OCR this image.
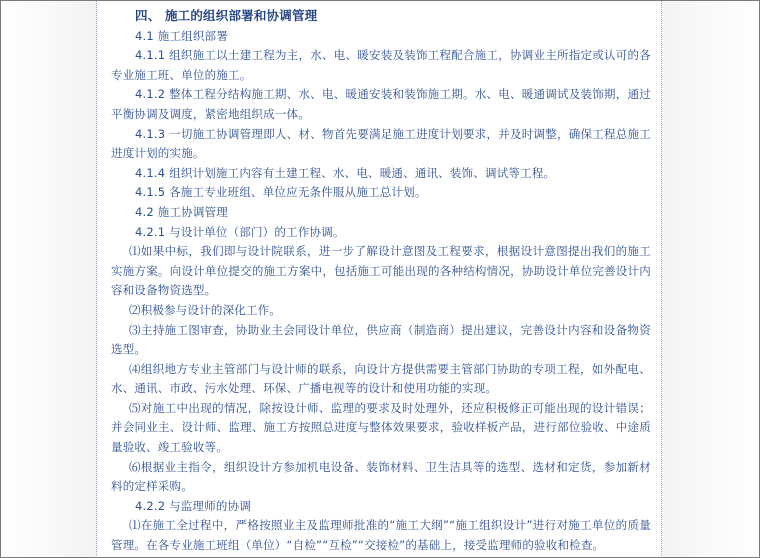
四、 施工的组织部署和协调管理

4.1 施工组织部署

4.1.1 组织施工以土建工程为主，水、电、暖安装及装饰工程配合施工，协调业主所指定或认可的各专业施工班、单位的施工。

4.1.2 整体工程分结构施工期、水、电、暖通安装和装饰施工期。水、电、暖通调试及装饰期，通过平衡协调及调度，紧密地组织成一体。

4.1.3 一切施工协调管理即人、材、物首先要满足施工进度计划要求，并及时调整，确保工程总施工进度计划的实施。

4.1.4 组织计划施工内容有土建工程、水、电、暖通、通讯、装饰、调试等工程。

4.1.5 各施工专业班组、单位应无条件服从施工总计划。

4.2 施工协调管理

4.2.1 与设计单位（部门）的工作协调。

⑴如果中标，我们即与设计院联系，进一步了解设计意图及工程要求，根据设计意图提出我们的施工实施方案。向设计单位提交的施工方案中，包括施工可能出现的各种结构情况，协助设计单位完善设计内容和设备物资选型。

⑵积极参与设计的深化工作。

⑶主持施工图审查，协助业主会同设计单位，供应商（制造商）提出建议，完善设计内容和设备物资选型。

⑷组织地方专业主管部门与设计师的联系，向设计方提供需要主管部门协助的专项工程，如外配电、水、通讯、市政、污水处理、环保、广播电视等的设计和使用功能的实现。

⑸对施工中出现的情况，除按设计师、监理的要求及时处理外，还应积极修正可能出现的设计错误；并会同业主、设计师、监理、施工方按照总进度与整体效果要求，验收样板产品，进行部位验收、中途质量验收、竣工验收等。

⑹根据业主指令，组织设计方参加机电设备、装饰材料、卫生洁具等的选型、选材和定货，参加新材料的定样采购。

4.2.2 与监理师的协调

⑴在施工全过程中，严格按照业主及监理师批准的“施工大纲”“施工组织设计”进行对施工单位的质量管理。在各专业施工班组（单位）“自检”“互检”“交接检”的基础上，接受监理师的验收和检查。
